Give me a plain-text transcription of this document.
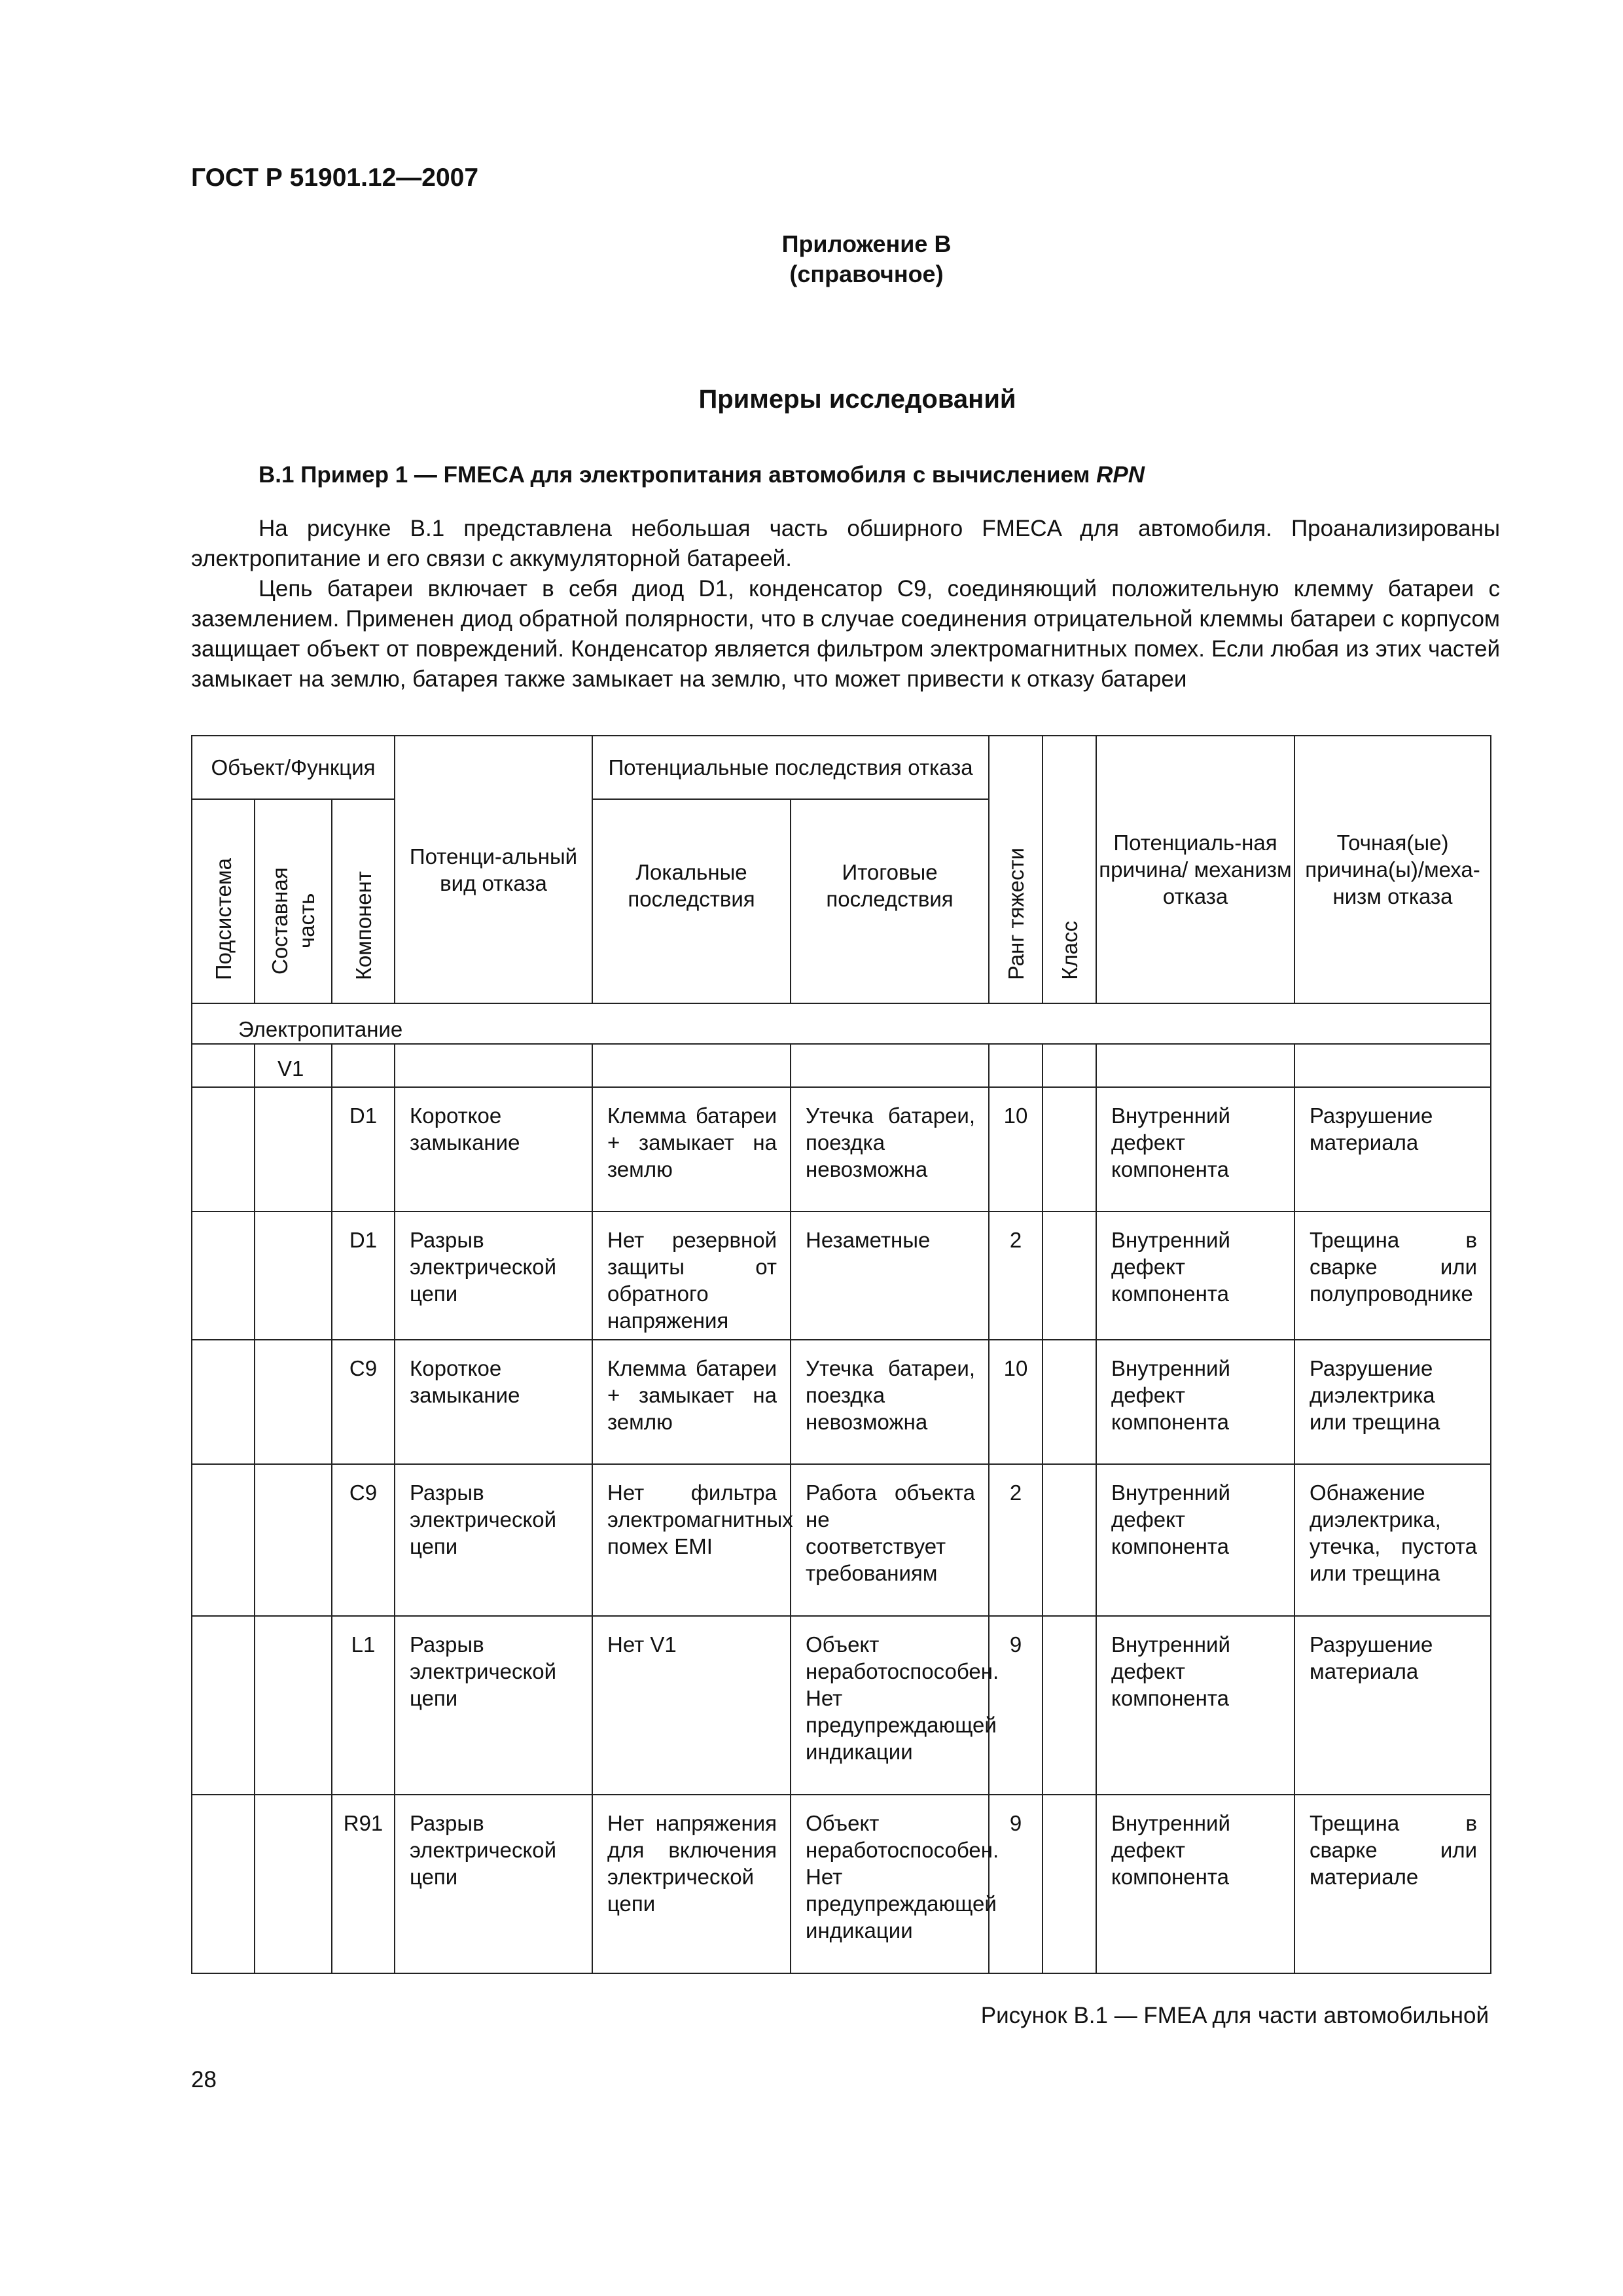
ГОСТ Р 51901.12—2007
Приложение В
(справочное)
Примеры исследований
В.1 Пример 1 — FMECA для электропитания автомобиля с вычислением RPN

На рисунке В.1 представлена небольшая часть обширного FMECA для автомобиля. Проанализированы электропитание и его связи с аккумуляторной батареей.

Цепь батареи включает в себя диод D1, конденсатор С9, соединяющий положительную клемму батареи с заземлением. Применен диод обратной полярности, что в случае соединения отрицательной клеммы батареи с корпусом защищает объект от повреждений. Конденсатор является фильтром электромагнитных помех. Если любая из этих частей замыкает на землю, батарея также замыкает на землю, что может привести к отказу батареи

Объект/Функция			Потенци-альный вид отказа	Потенциальные последствия отказа		Ранг тяжести	Класс	Потенциаль-ная причина/ механизм отказа	Точная(ые) причина(ы)/меха-низм отказа
Подсистема	Составная часть	Компонент		Локальные последствия	Итоговые последствия				
Электропитание									
	V1								
		D1	Короткое замыкание	Клемма батареи + замыкает на землю	Утечка батареи, поездка невозможна	10		Внутренний дефект компонента	Разрушение материала
		D1	Разрыв электрической цепи	Нет резервной защиты от обратного напряжения	Незаметные	2		Внутренний дефект компонента	Трещина в сварке или полупроводнике
		С9	Короткое замыкание	Клемма батареи + замыкает на землю	Утечка батареи, поездка невозможна	10		Внутренний дефект компонента	Разрушение диэлектрика или трещина
		С9	Разрыв электрической цепи	Нет фильтра электромагнитных помех EMI	Работа объекта не соответствует требованиям	2		Внутренний дефект компонента	Обнажение диэлектрика, утечка, пустота или трещина
		L1	Разрыв электрической цепи	Нет V1	Объект неработоспособен. Нет предупреждающей индикации	9		Внутренний дефект компонента	Разрушение материала
		R91	Разрыв электрической цепи	Нет напряжения для включения электрической цепи	Объект неработоспособен. Нет предупреждающей индикации	9		Внутренний дефект компонента	Трещина в сварке или материале
Рисунок В.1 — FMEA для части автомобильной
28
